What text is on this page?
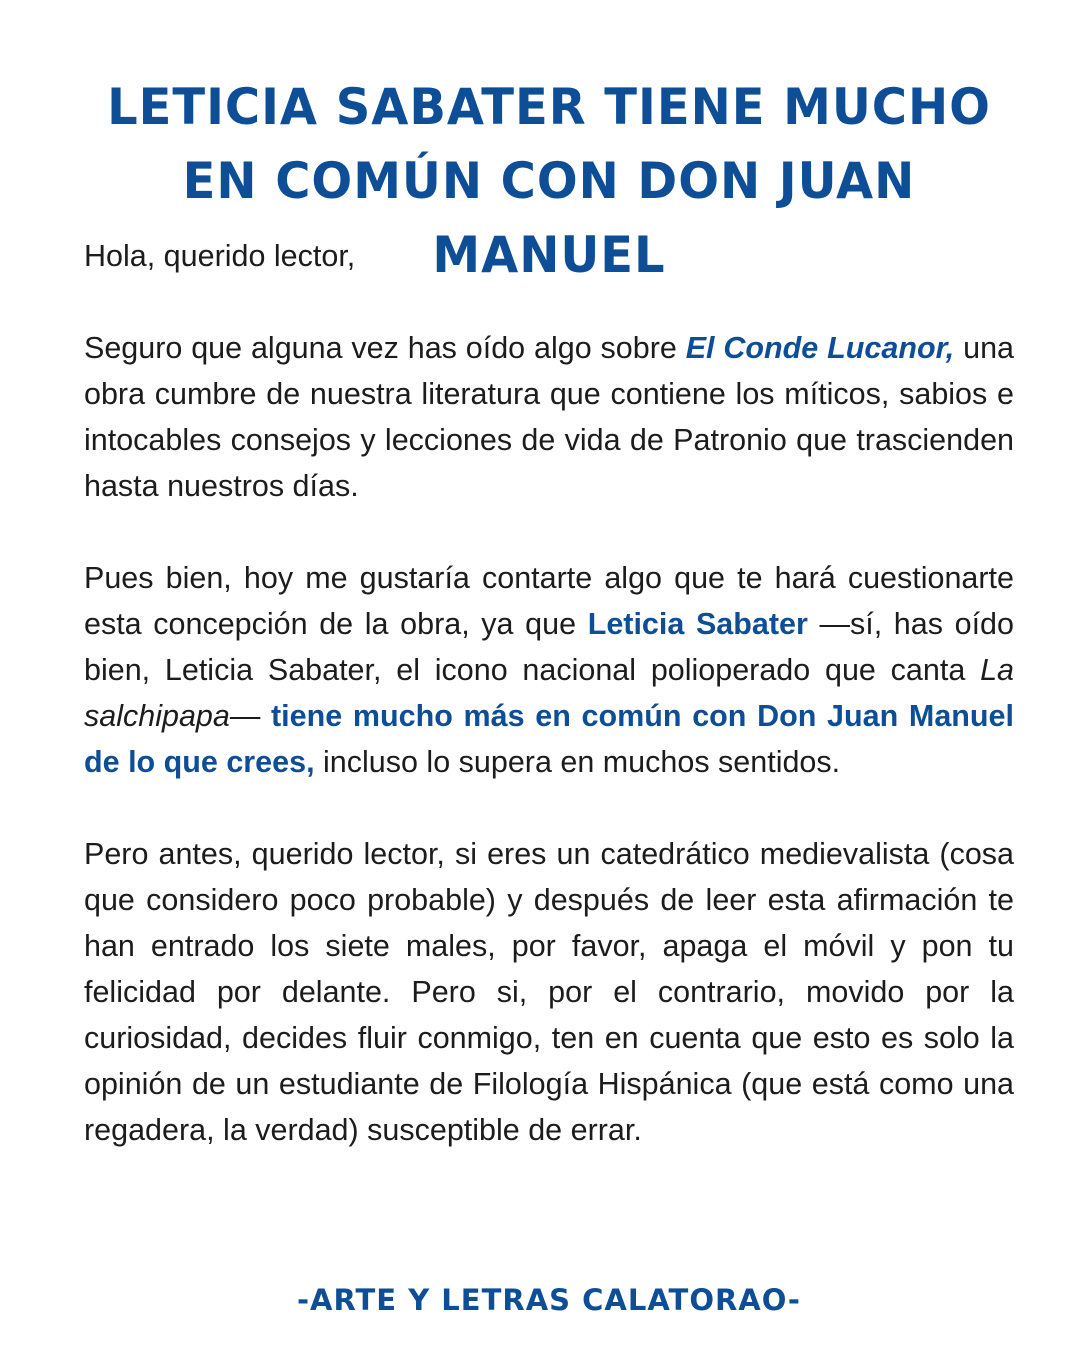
LETICIA SABATER TIENE MUCHO EN COMÚN CON DON JUAN MANUEL

Hola, querido lector,

Seguro que alguna vez has oído algo sobre El Conde Lucanor, una obra cumbre de nuestra literatura que contiene los míticos, sabios e intocables consejos y lecciones de vida de Patronio que trascienden hasta nuestros días.

Pues bien, hoy me gustaría contarte algo que te hará cuestionarte esta concepción de la obra, ya que Leticia Sabater —sí, has oído bien, Leticia Sabater, el icono nacional polioperado que canta La salchipapa— tiene mucho más en común con Don Juan Manuel de lo que crees, incluso lo supera en muchos sentidos.

Pero antes, querido lector, si eres un catedrático medievalista (cosa que considero poco probable) y después de leer esta afirmación te han entrado los siete males, por favor, apaga el móvil y pon tu felicidad por delante. Pero si, por el contrario, movido por la curiosidad, decides fluir conmigo, ten en cuenta que esto es solo la opinión de un estudiante de Filología Hispánica (que está como una regadera, la verdad) susceptible de errar.

-ARTE Y LETRAS CALATORAO-
